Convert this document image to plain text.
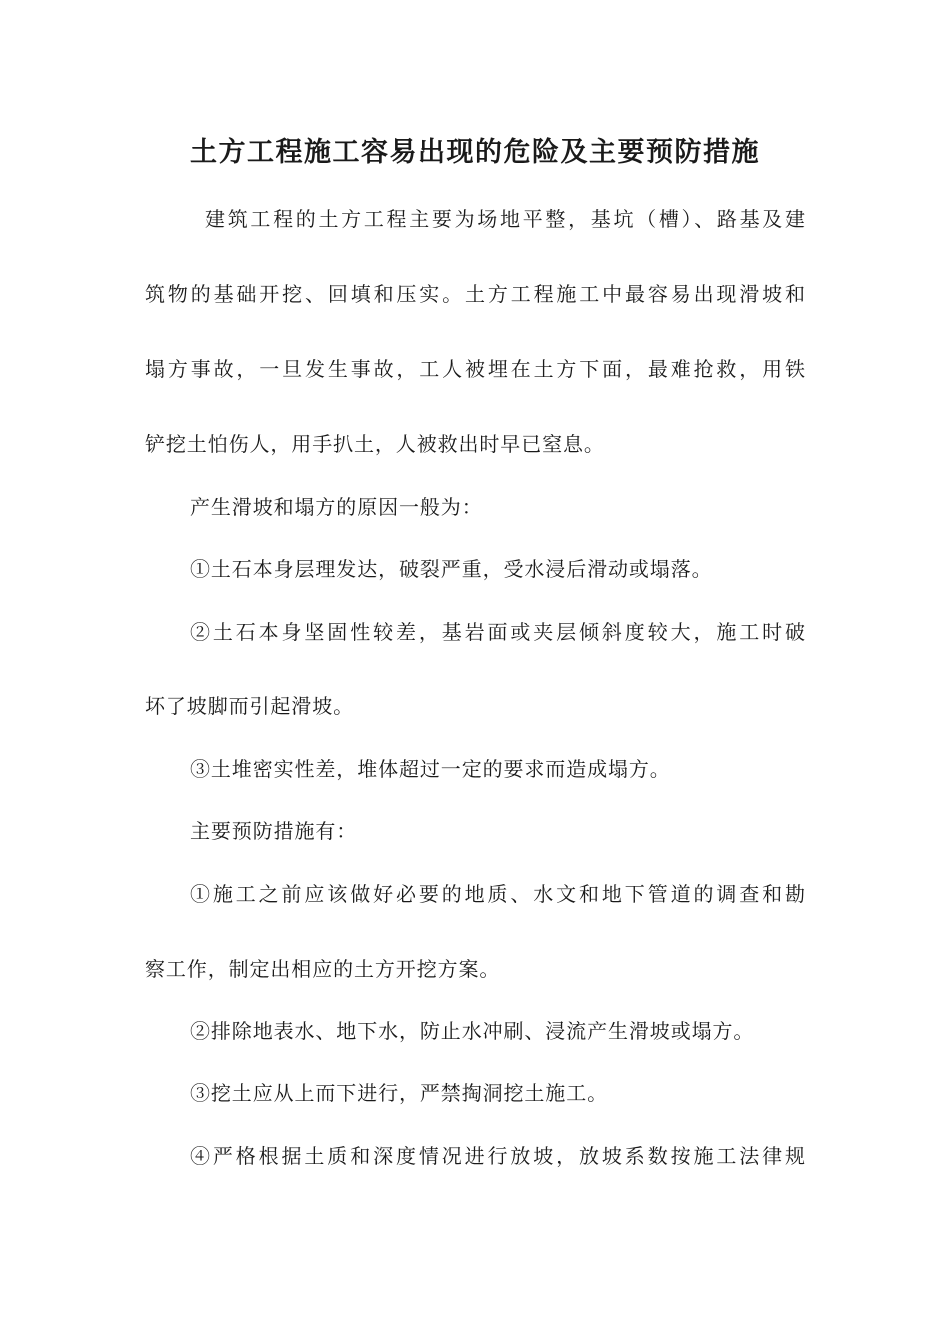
土方工程施工容易出现的危险及主要预防措施
建筑工程的土方工程主要为场地平整，基坑（槽）、路基及建
筑物的基础开挖、回填和压实。土方工程施工中最容易出现滑坡和
塌方事故，一旦发生事故，工人被埋在土方下面，最难抢救，用铁
铲挖土怕伤人，用手扒土，人被救出时早已窒息。
产生滑坡和塌方的原因一般为：
①土石本身层理发达，破裂严重，受水浸后滑动或塌落。
②土石本身坚固性较差，基岩面或夹层倾斜度较大，施工时破
坏了坡脚而引起滑坡。
③土堆密实性差，堆体超过一定的要求而造成塌方。
主要预防措施有：
①施工之前应该做好必要的地质、水文和地下管道的调查和勘
察工作，制定出相应的土方开挖方案。
②排除地表水、地下水，防止水冲刷、浸流产生滑坡或塌方。
③挖土应从上而下进行，严禁掏洞挖土施工。
④严格根据土质和深度情况进行放坡，放坡系数按施工法律规
